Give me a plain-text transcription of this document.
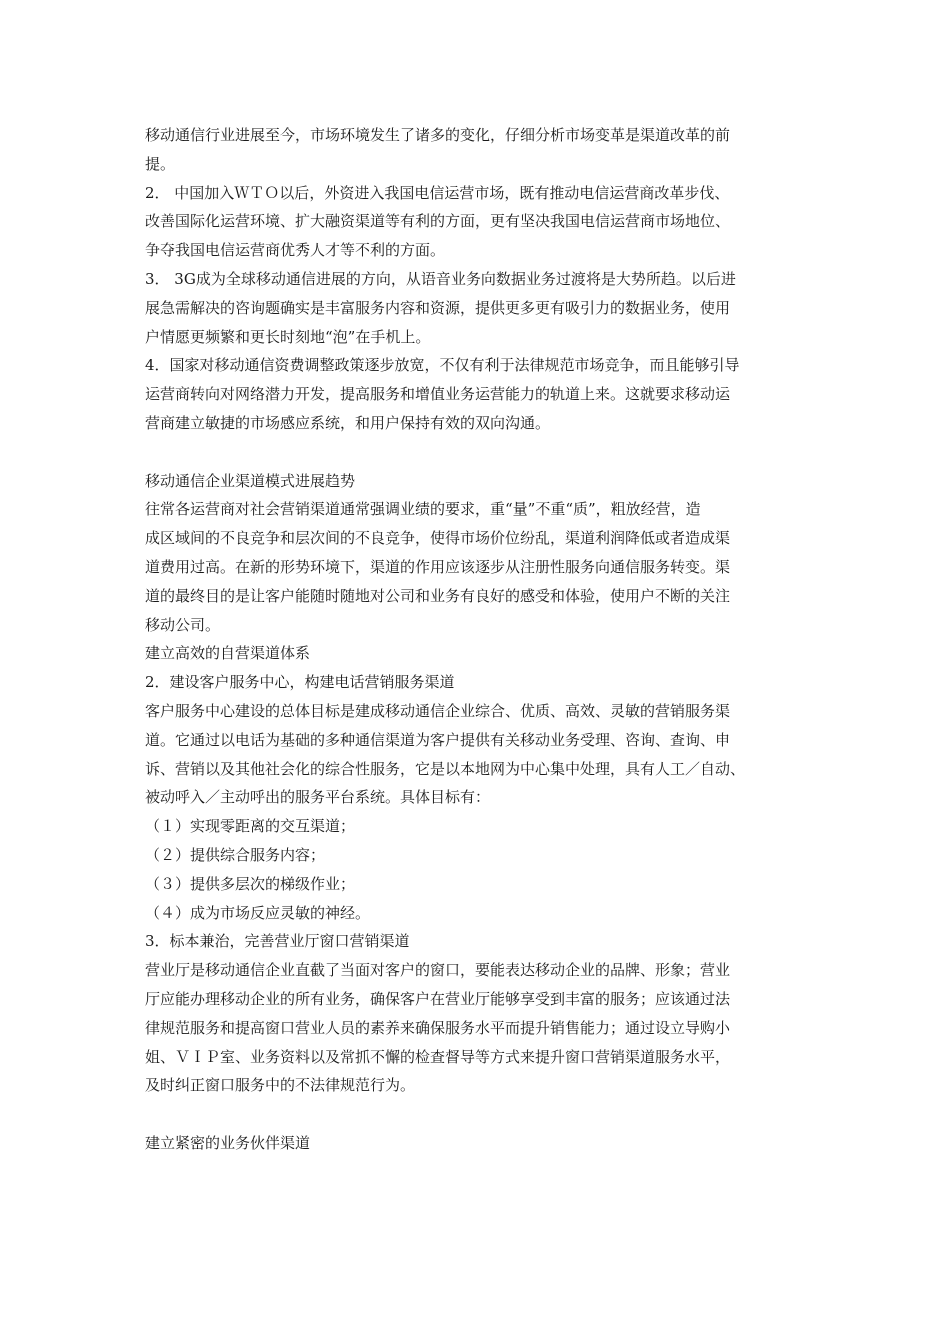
移动通信行业进展至今，市场环境发生了诸多的变化，仔细分析市场变革是渠道改革的前
提。
2． 中国加入ＷＴＯ以后，外资进入我国电信运营市场，既有推动电信运营商改革步伐、
改善国际化运营环境、扩大融资渠道等有利的方面，更有坚决我国电信运营商市场地位、
争夺我国电信运营商优秀人才等不利的方面。
3． 3G成为全球移动通信进展的方向，从语音业务向数据业务过渡将是大势所趋。以后进
展急需解决的咨询题确实是丰富服务内容和资源，提供更多更有吸引力的数据业务，使用
户情愿更频繁和更长时刻地“泡”在手机上。
4．国家对移动通信资费调整政策逐步放宽，不仅有利于法律规范市场竞争，而且能够引导
运营商转向对网络潜力开发，提高服务和增值业务运营能力的轨道上来。这就要求移动运
营商建立敏捷的市场感应系统，和用户保持有效的双向沟通。
移动通信企业渠道模式进展趋势
往常各运营商对社会营销渠道通常强调业绩的要求，重“量”不重“质”，粗放经营，造
成区域间的不良竞争和层次间的不良竞争，使得市场价位纷乱，渠道利润降低或者造成渠
道费用过高。在新的形势环境下，渠道的作用应该逐步从注册性服务向通信服务转变。渠
道的最终目的是让客户能随时随地对公司和业务有良好的感受和体验，使用户不断的关注
移动公司。
建立高效的自营渠道体系
2．建设客户服务中心，构建电话营销服务渠道
客户服务中心建设的总体目标是建成移动通信企业综合、优质、高效、灵敏的营销服务渠
道。它通过以电话为基础的多种通信渠道为客户提供有关移动业务受理、咨询、查询、申
诉、营销以及其他社会化的综合性服务，它是以本地网为中心集中处理，具有人工／自动、
被动呼入／主动呼出的服务平台系统。具体目标有：
（１）实现零距离的交互渠道；
（２）提供综合服务内容；
（３）提供多层次的梯级作业；
（４）成为市场反应灵敏的神经。
3．标本兼治，完善营业厅窗口营销渠道
营业厅是移动通信企业直截了当面对客户的窗口，要能表达移动企业的品牌、形象；营业
厅应能办理移动企业的所有业务，确保客户在营业厅能够享受到丰富的服务；应该通过法
律规范服务和提高窗口营业人员的素养来确保服务水平而提升销售能力；通过设立导购小
姐、ＶＩＰ室、业务资料以及常抓不懈的检查督导等方式来提升窗口营销渠道服务水平，
及时纠正窗口服务中的不法律规范行为。
建立紧密的业务伙伴渠道
